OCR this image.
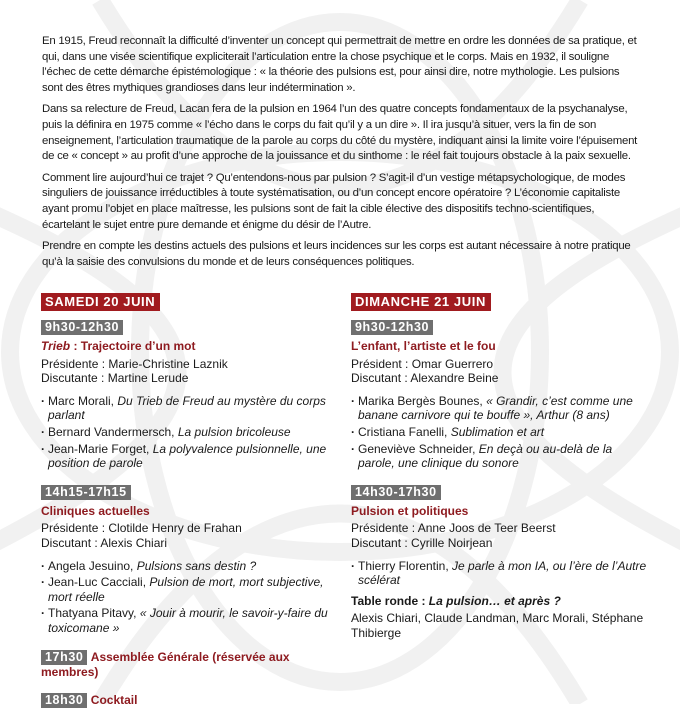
En 1915, Freud reconnaît la difficulté d’inventer un concept qui permettrait de mettre en ordre les données de sa pratique, et qui, dans une visée scientifique expliciterait l’articulation entre la chose psychique et le corps. Mais en 1932, il souligne l’échec de cette démarche épistémologique : « la théorie des pulsions est, pour ainsi dire, notre mythologie. Les pulsions sont des êtres mythiques grandioses dans leur indétermination ».

Dans sa relecture de Freud, Lacan fera de la pulsion en 1964 l’un des quatre concepts fondamentaux de la psychanalyse, puis la définira en 1975 comme « l’écho dans le corps du fait qu’il y a un dire ». Il ira jusqu’à situer, vers la fin de son enseignement, l’articulation traumatique de la parole au corps du côté du mystère, indiquant ainsi la limite voire l’épuisement de ce « concept » au profit d’une approche de la jouissance et du sinthome : le réel fait toujours obstacle à la paix sexuelle.

Comment lire aujourd’hui ce trajet ? Qu’entendons-nous par pulsion ? S’agit-il d’un vestige métapsychologique, de modes singuliers de jouissance irréductibles à toute systématisation, ou d’un concept encore opératoire ? L’économie capitaliste ayant promu l’objet en place maîtresse, les pulsions sont de fait la cible élective des dispositifs techno-scientifiques, écartelant le sujet entre pure demande et énigme du désir de l’Autre.

Prendre en compte les destins actuels des pulsions et leurs incidences sur les corps est autant nécessaire à notre pratique qu’à la saisie des convulsions du monde et de leurs conséquences politiques.

SAMEDI 20 JUIN
9h30-12h30
Trieb : Trajectoire d’un mot
Présidente : Marie-Christine Laznik
Discutante : Martine Lerude
· Marc Morali, Du Trieb de Freud au mystère du corps parlant
· Bernard Vandermersch, La pulsion bricoleuse
· Jean-Marie Forget, La polyvalence pulsionnelle, une position de parole
14h15-17h15
Cliniques actuelles
Présidente : Clotilde Henry de Frahan
Discutant : Alexis Chiari
· Angela Jesuino, Pulsions sans destin ?
· Jean-Luc Cacciali, Pulsion de mort, mort subjective, mort réelle
· Thatyana Pitavy, « Jouir à mourir, le savoir-y-faire du toxicomane »
17h30 Assemblée Générale (réservée aux membres)
18h30 Cocktail
DIMANCHE 21 JUIN
9h30-12h30
L’enfant, l’artiste et le fou
Président : Omar Guerrero
Discutant : Alexandre Beine
· Marika Bergès Bounes, « Grandir, c’est comme une banane carnivore qui te bouffe », Arthur (8 ans)
· Cristiana Fanelli, Sublimation et art
· Geneviève Schneider, En deçà ou au-delà de la parole, une clinique du sonore
14h30-17h30
Pulsion et politiques
Présidente : Anne Joos de Teer Beerst
Discutant : Cyrille Noirjean
· Thierry Florentin, Je parle à mon IA, ou l’ère de l’Autre scélérat
Table ronde : La pulsion… et après ?
Alexis Chiari, Claude Landman, Marc Morali, Stéphane Thibierge
